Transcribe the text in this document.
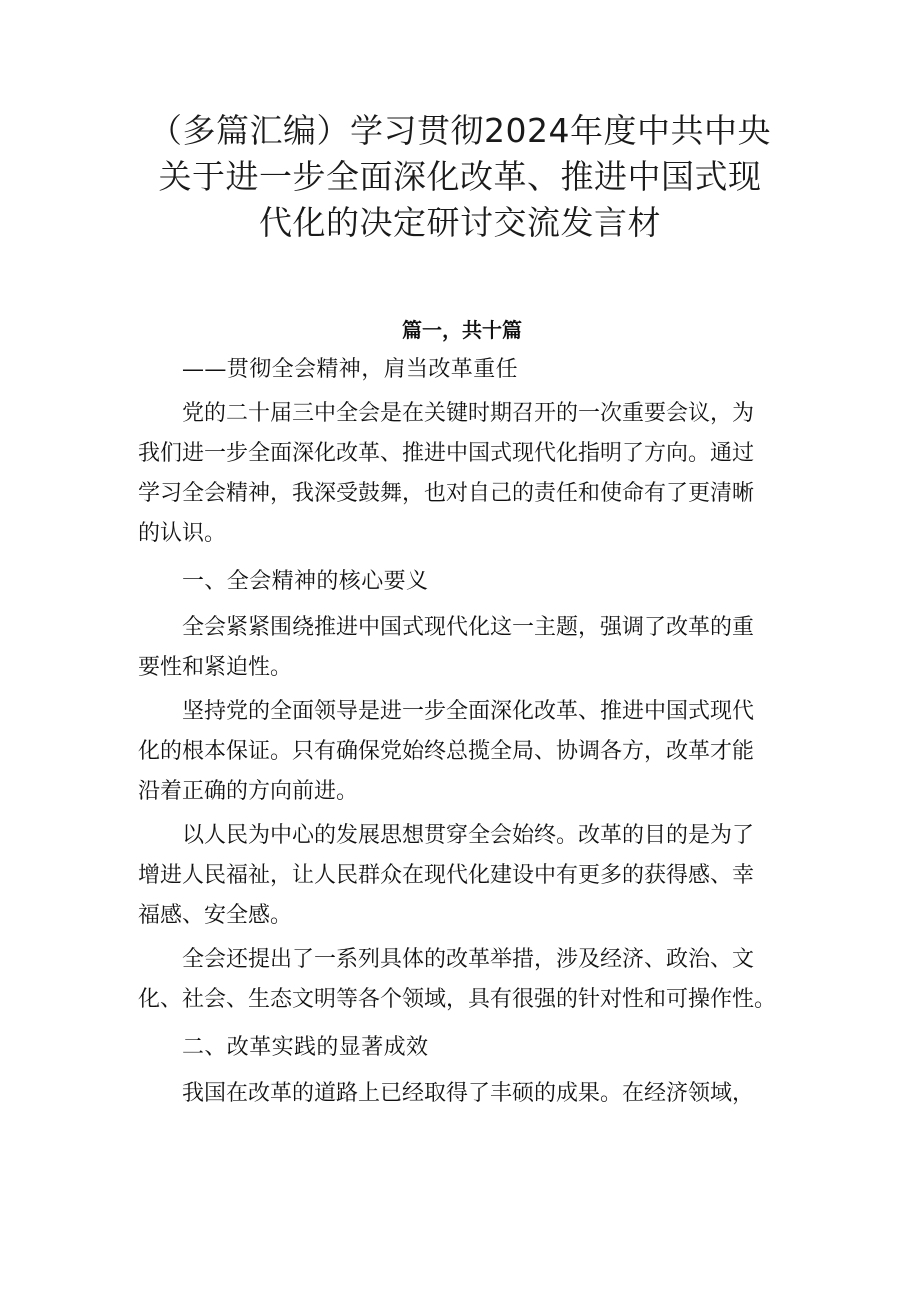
（多篇汇编）学习贯彻2024年度中共中央
关于进一步全面深化改革、推进中国式现
代化的决定研讨交流发言材
篇一，共十篇
——贯彻全会精神，肩当改革重任
党的二十届三中全会是在关键时期召开的一次重要会议，为
我们进一步全面深化改革、推进中国式现代化指明了方向。通过
学习全会精神，我深受鼓舞，也对自己的责任和使命有了更清晰
的认识。
一、全会精神的核心要义
全会紧紧围绕推进中国式现代化这一主题，强调了改革的重
要性和紧迫性。
坚持党的全面领导是进一步全面深化改革、推进中国式现代
化的根本保证。只有确保党始终总揽全局、协调各方，改革才能
沿着正确的方向前进。
以人民为中心的发展思想贯穿全会始终。改革的目的是为了
增进人民福祉，让人民群众在现代化建设中有更多的获得感、幸
福感、安全感。
全会还提出了一系列具体的改革举措，涉及经济、政治、文
化、社会、生态文明等各个领域，具有很强的针对性和可操作性。
二、改革实践的显著成效
我国在改革的道路上已经取得了丰硕的成果。在经济领域，
